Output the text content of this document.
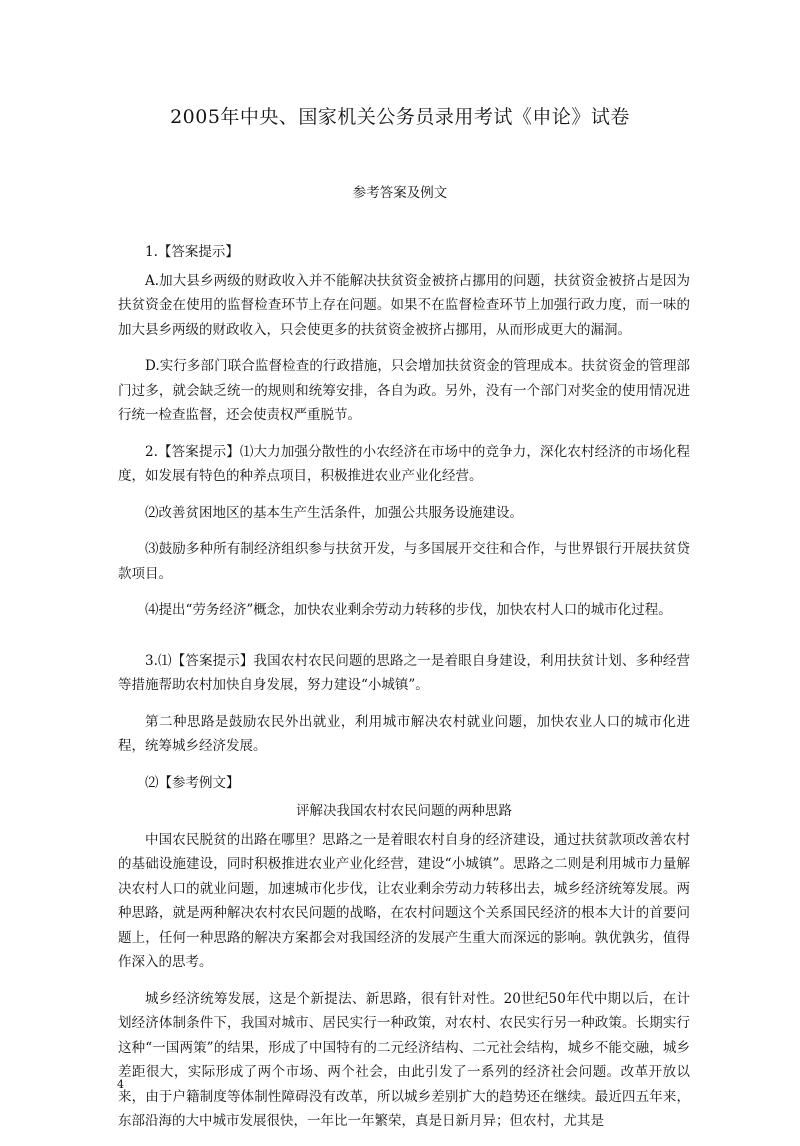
2005年中央、国家机关公务员录用考试《申论》试卷
参考答案及例文

1.【答案提示】

A.加大县乡两级的财政收入并不能解决扶贫资金被挤占挪用的问题，扶贫资金被挤占是因为扶贫资金在使用的监督检查环节上存在问题。如果不在监督检查环节上加强行政力度，而一味的加大县乡两级的财政收入，只会使更多的扶贫资金被挤占挪用，从而形成更大的漏洞。

D.实行多部门联合监督检查的行政措施，只会增加扶贫资金的管理成本。扶贫资金的管理部门过多，就会缺乏统一的规则和统筹安排，各自为政。另外，没有一个部门对奖金的使用情况进行统一检查监督，还会使责权严重脱节。

2.【答案提示】⑴大力加强分散性的小农经济在市场中的竞争力，深化农村经济的市场化程度，如发展有特色的种养点项目，积极推进农业产业化经营。

⑵改善贫困地区的基本生产生活条件，加强公共服务设施建设。

⑶鼓励多种所有制经济组织参与扶贫开发，与多国展开交往和合作，与世界银行开展扶贫贷款项目。

⑷提出“劳务经济”概念，加快农业剩余劳动力转移的步伐，加快农村人口的城市化过程。

3.⑴【答案提示】我国农村农民问题的思路之一是着眼自身建设，利用扶贫计划、多种经营等措施帮助农村加快自身发展，努力建设“小城镇”。

第二种思路是鼓励农民外出就业，利用城市解决农村就业问题，加快农业人口的城市化进程，统筹城乡经济发展。

⑵【参考例文】

评解决我国农村农民问题的两种思路

中国农民脱贫的出路在哪里？思路之一是着眼农村自身的经济建设，通过扶贫款项改善农村的基础设施建设，同时积极推进农业产业化经营，建设“小城镇”。思路之二则是利用城市力量解决农村人口的就业问题，加速城市化步伐，让农业剩余劳动力转移出去，城乡经济统筹发展。两种思路，就是两种解决农村农民问题的战略，在农村问题这个关系国民经济的根本大计的首要问题上，任何一种思路的解决方案都会对我国经济的发展产生重大而深远的影响。孰优孰劣，值得作深入的思考。

城乡经济统筹发展，这是个新提法、新思路，很有针对性。20世纪50年代中期以后，在计划经济体制条件下，我国对城市、居民实行一种政策，对农村、农民实行另一种政策。长期实行这种“一国两策”的结果，形成了中国特有的二元经济结构、二元社会结构，城乡不能交融，城乡差距很大，实际形成了两个市场、两个社会，由此引发了一系列的经济社会问题。改革开放以来，由于户籍制度等体制性障碍没有改革，所以城乡差别扩大的趋势还在继续。最近四五年来，东部沿海的大中城市发展很快，一年比一年繁荣，真是日新月异；但农村，尤其是

4
